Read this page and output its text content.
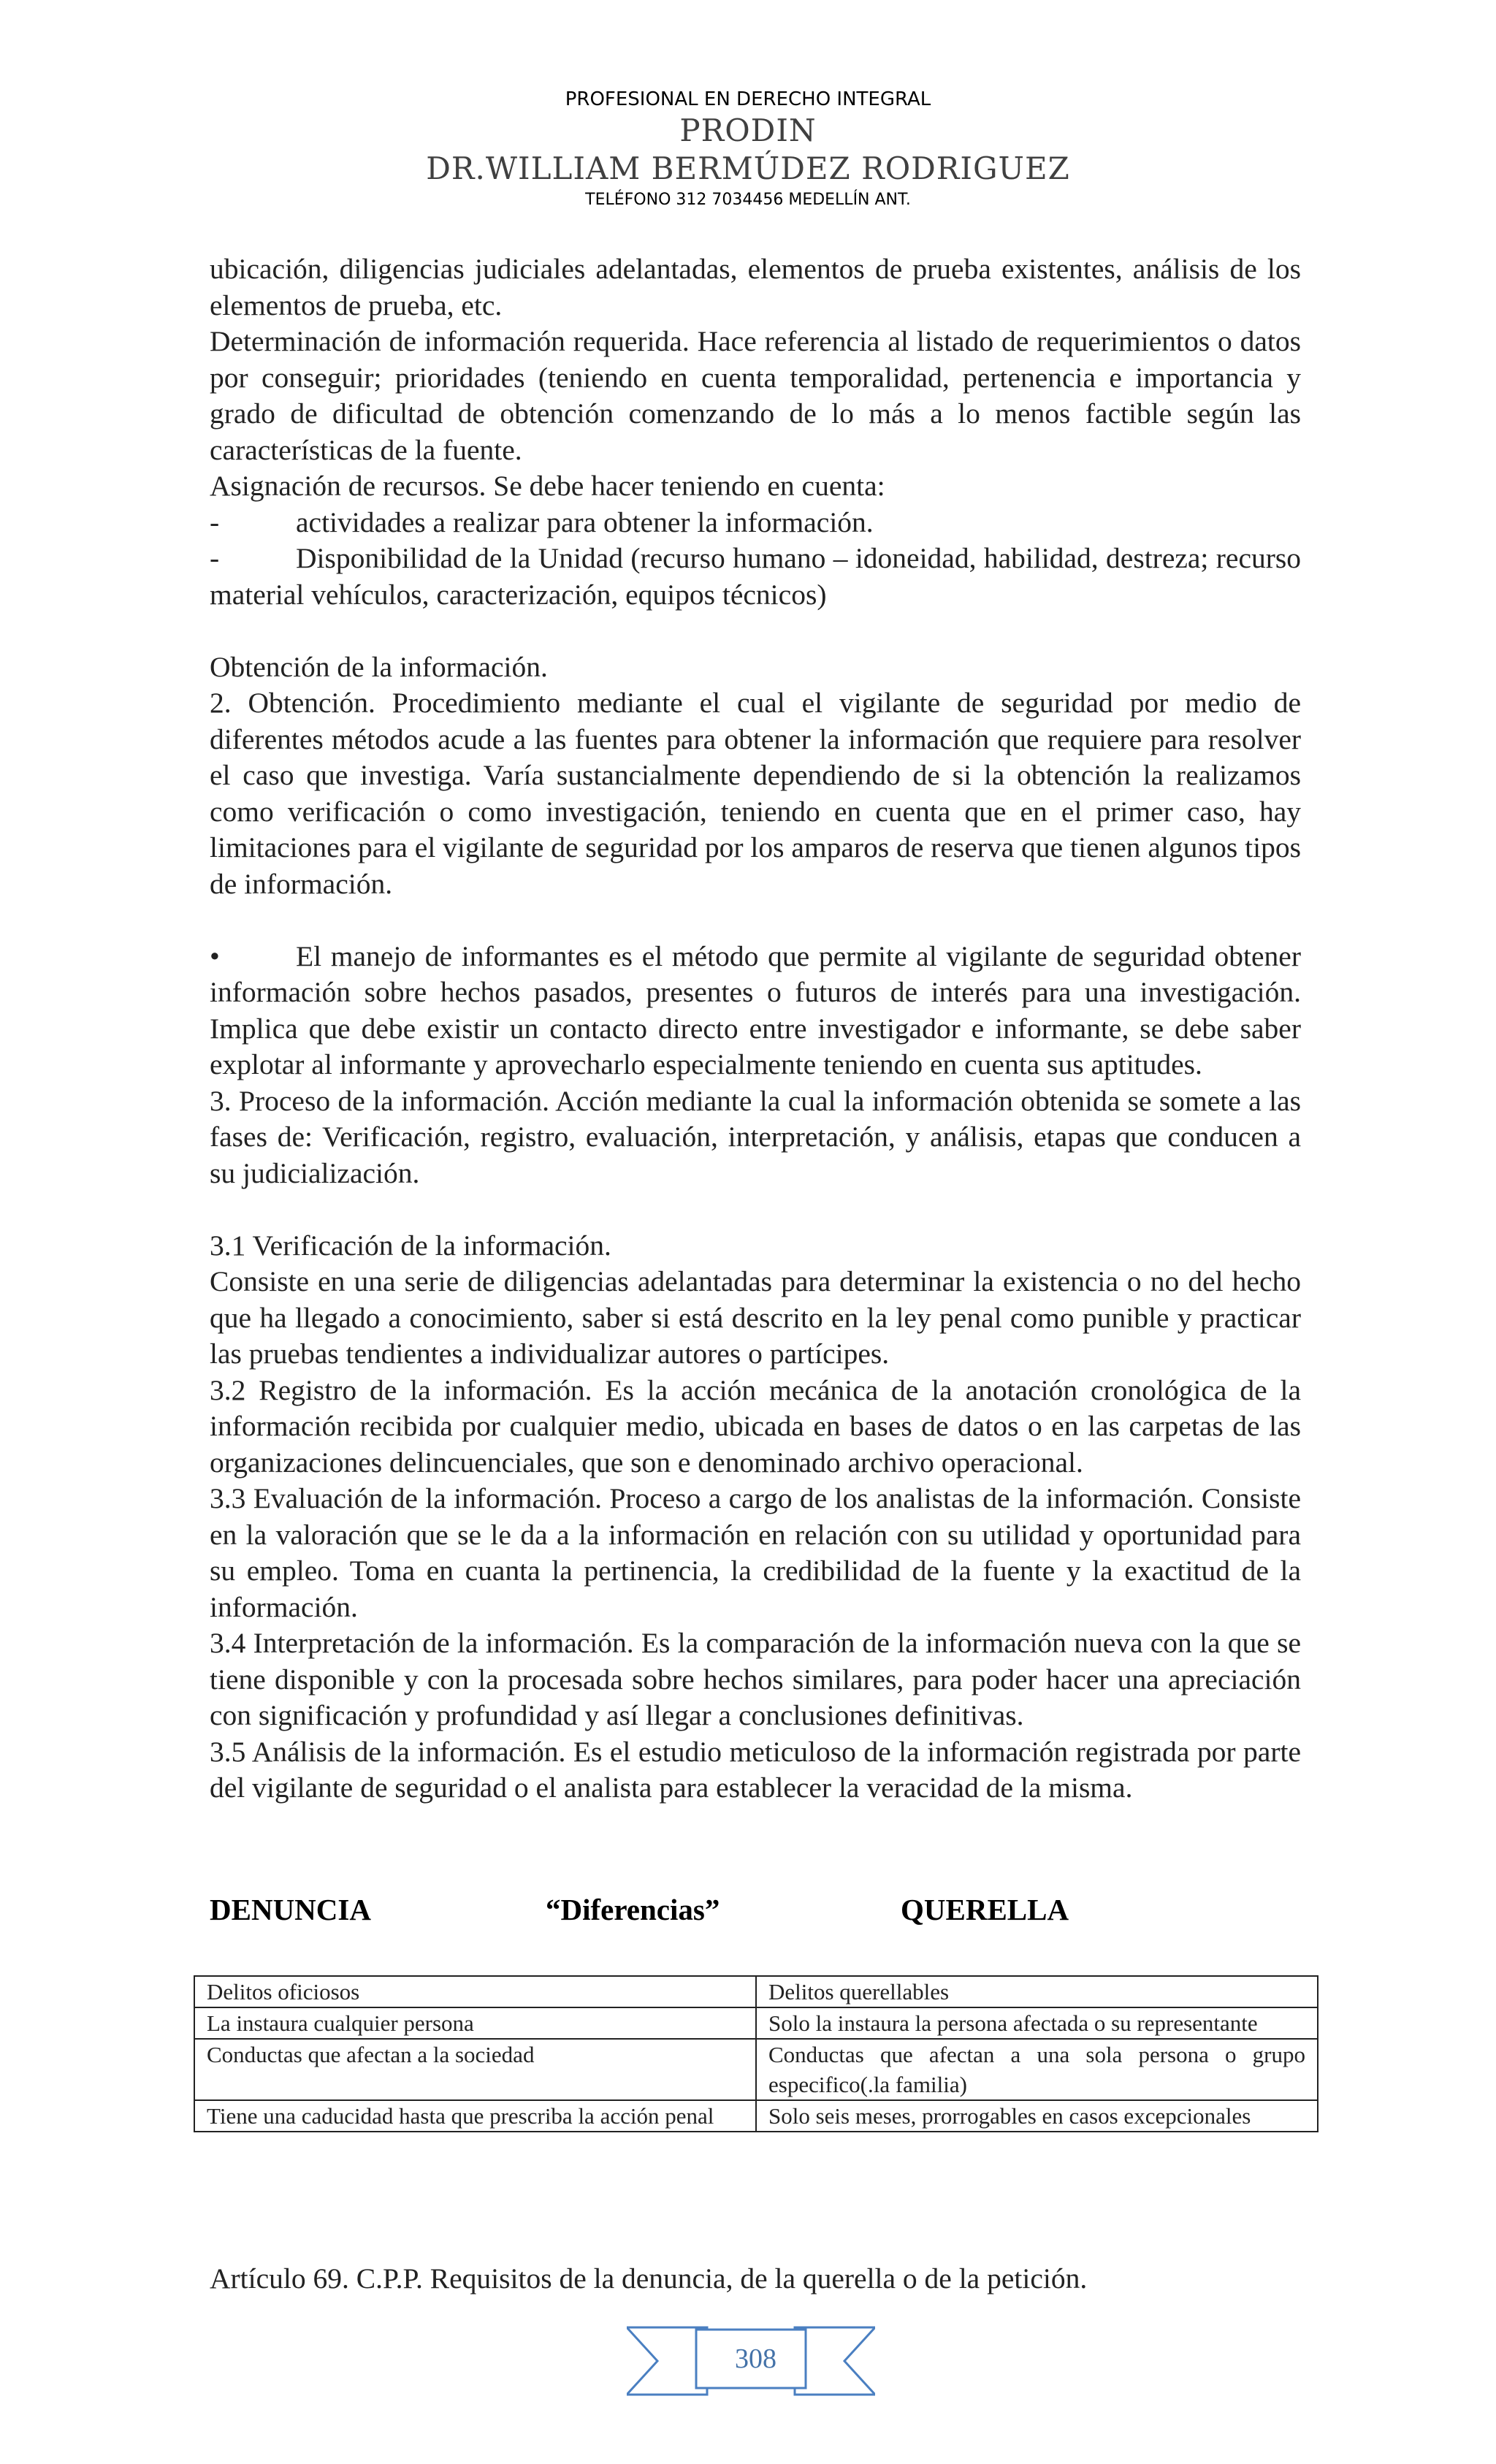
PROFESIONAL EN DERECHO INTEGRAL
PRODIN
DR.WILLIAM BERMÚDEZ RODRIGUEZ
TELÉFONO 312 7034456 MEDELLÍN ANT.

ubicación, diligencias judiciales adelantadas, elementos de prueba existentes, análisis de los elementos de prueba, etc.

Determinación de información requerida. Hace referencia al listado de requerimientos o datos por conseguir; prioridades (teniendo en cuenta temporalidad, pertenencia e importancia y grado de dificultad de obtención comenzando de lo más a lo menos factible según las características de la fuente.

Asignación de recursos. Se debe hacer teniendo en cuenta:

-	actividades a realizar para obtener la información.

-	Disponibilidad de la Unidad (recurso humano – idoneidad, habilidad, destreza; recurso material vehículos, caracterización, equipos técnicos)

Obtención de la información.

2. Obtención. Procedimiento mediante el cual el vigilante de seguridad por medio de diferentes métodos acude a las fuentes para obtener la información que requiere para resolver el caso que investiga. Varía sustancialmente dependiendo de si la obtención la realizamos como verificación o como investigación, teniendo en cuenta que en el primer caso, hay limitaciones para el vigilante de seguridad por los amparos de reserva que tienen algunos tipos de información.

•	El manejo de informantes es el método que permite al vigilante de seguridad obtener información sobre hechos pasados, presentes o futuros de interés para una investigación. Implica que debe existir un contacto directo entre investigador e informante, se debe saber explotar al informante y aprovecharlo especialmente teniendo en cuenta sus aptitudes.

3. Proceso de la información. Acción mediante la cual la información obtenida se somete a las fases de: Verificación, registro, evaluación, interpretación, y análisis, etapas que conducen a su judicialización.

3.1 Verificación de la información.

Consiste en una serie de diligencias adelantadas para determinar la existencia o no del hecho que ha llegado a conocimiento, saber si está descrito en la ley penal como punible y practicar las pruebas tendientes a individualizar autores o partícipes.

3.2 Registro de la información. Es la acción mecánica de la anotación cronológica de la información recibida por cualquier medio, ubicada en bases de datos o en las carpetas de las organizaciones delincuenciales, que son e denominado archivo operacional.

3.3 Evaluación de la información. Proceso a cargo de los analistas de la información. Consiste en la valoración que se le da a la información en relación con su utilidad y oportunidad para su empleo. Toma en cuanta la pertinencia, la credibilidad de la fuente y la exactitud de la información.

3.4 Interpretación de la información. Es la comparación de la información nueva con la que se tiene disponible y con la procesada sobre hechos similares, para poder hacer una apreciación con significación y profundidad y así llegar a conclusiones definitivas.

3.5 Análisis de la información. Es el estudio meticuloso de la información registrada por parte del vigilante de seguridad o el analista para establecer la veracidad de la misma.

DENUNCIA	“Diferencias”	QUERELLA
Delitos oficiosos	Delitos querellables
La instaura cualquier persona	Solo la instaura la persona afectada o su representante
Conductas que afectan a la sociedad	Conductas que afectan a una sola persona o grupo especifico(.la familia)
Tiene una caducidad hasta que prescriba la acción penal	Solo seis meses, prorrogables en casos excepcionales
Artículo 69. C.P.P. Requisitos de la denuncia, de la querella o de la petición.
308
